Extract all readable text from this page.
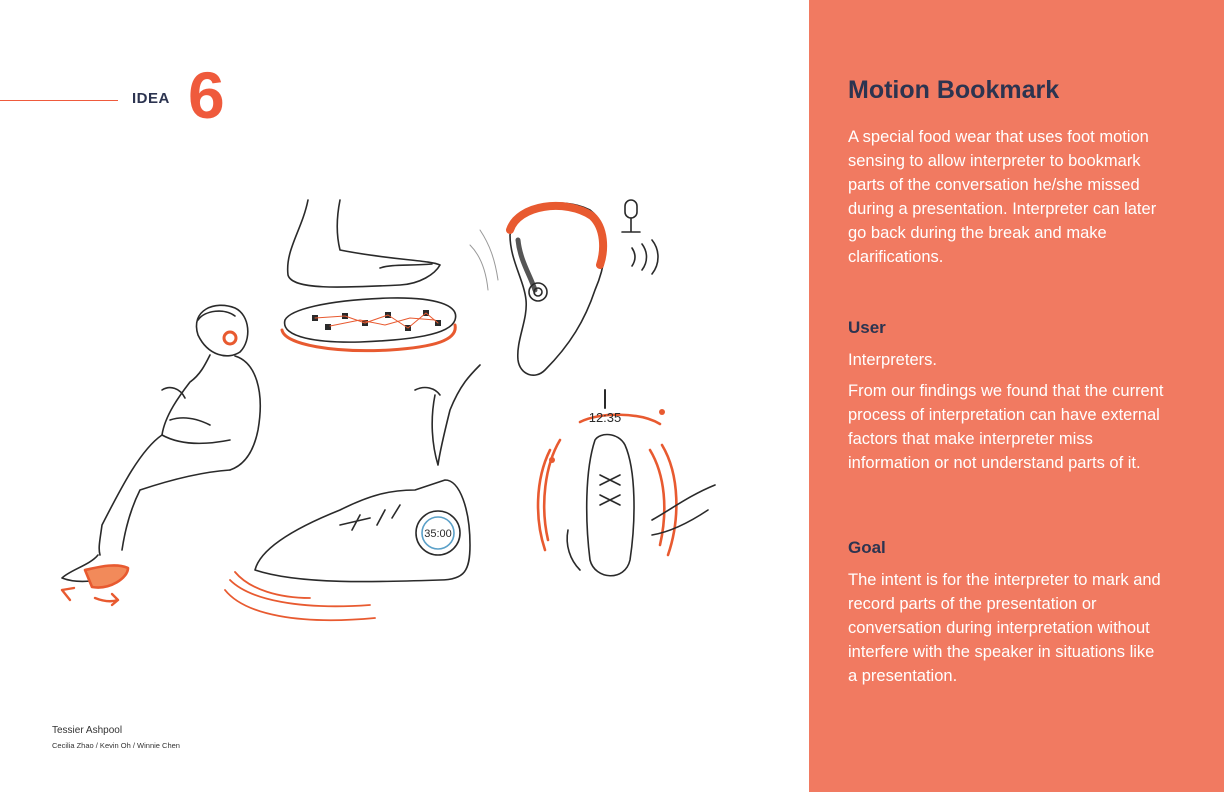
IDEA 6
35:00
12:35
Tessier Ashpool
Cecilia Zhao / Kevin Oh / Winnie Chen
Motion Bookmark

A special food wear that uses foot motion sensing to allow interpreter to bookmark parts of the conversation he/she missed during a presentation. Interpreter can later go back during the break and make clarifications.

User

Interpreters.

From our findings we found that the current process of interpretation can have external factors that make interpreter miss information or not understand parts of it.

Goal

The intent is for the interpreter to mark and record parts of the presentation or conversation during interpretation without interfere with the speaker in situations like a presentation.
